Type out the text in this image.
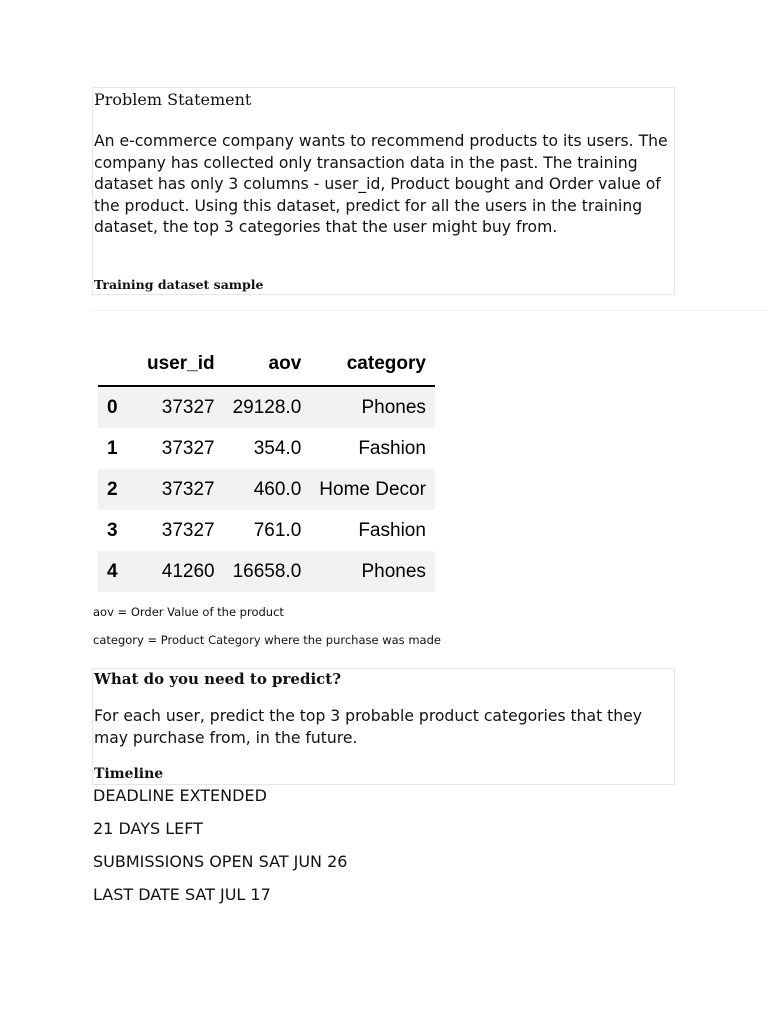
Problem Statement
An e-commerce company wants to recommend products to its users. The company has collected only transaction data in the past. The training dataset has only 3 columns - user_id, Product bought and Order value of the product. Using this dataset, predict for all the users in the training dataset, the top 3 categories that the user might buy from.
Training dataset sample
	user_id	aov	category
0	37327	29128.0	Phones
1	37327	354.0	Fashion
2	37327	460.0	Home Decor
3	37327	761.0	Fashion
4	41260	16658.0	Phones
aov = Order Value of the product
category = Product Category where the purchase was made
What do you need to predict?
For each user, predict the top 3 probable product categories that they may purchase from, in the future.
Timeline
DEADLINE EXTENDED
21 DAYS LEFT
SUBMISSIONS OPEN SAT JUN 26
LAST DATE SAT JUL 17
